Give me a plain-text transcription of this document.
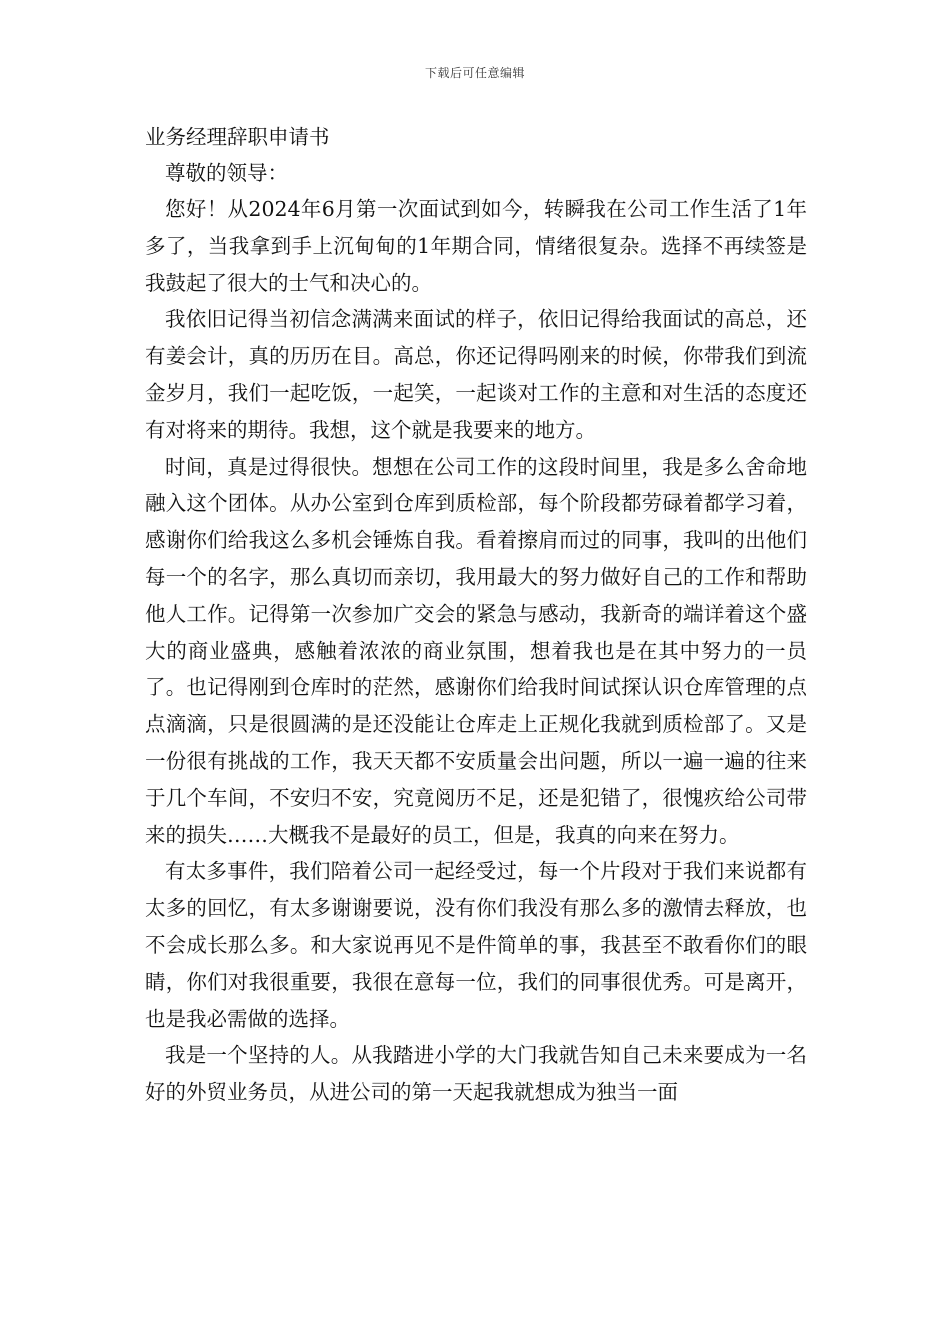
下载后可任意编辑
业务经理辞职申请书

尊敬的领导：

您好！从2024年6月第一次面试到如今，转瞬我在公司工作生活了1年多了，当我拿到手上沉甸甸的1年期合同，情绪很复杂。选择不再续签是我鼓起了很大的士气和决心的。

我依旧记得当初信念满满来面试的样子，依旧记得给我面试的高总，还有姜会计，真的历历在目。高总，你还记得吗刚来的时候，你带我们到流金岁月，我们一起吃饭，一起笑，一起谈对工作的主意和对生活的态度还有对将来的期待。我想，这个就是我要来的地方。

时间，真是过得很快。想想在公司工作的这段时间里，我是多么舍命地融入这个团体。从办公室到仓库到质检部，每个阶段都劳碌着都学习着，感谢你们给我这么多机会锤炼自我。看着擦肩而过的同事，我叫的出他们每一个的名字，那么真切而亲切，我用最大的努力做好自己的工作和帮助他人工作。记得第一次参加广交会的紧急与感动，我新奇的端详着这个盛大的商业盛典，感触着浓浓的商业氛围，想着我也是在其中努力的一员了。也记得刚到仓库时的茫然，感谢你们给我时间试探认识仓库管理的点点滴滴，只是很圆满的是还没能让仓库走上正规化我就到质检部了。又是一份很有挑战的工作，我天天都不安质量会出问题，所以一遍一遍的往来于几个车间，不安归不安，究竟阅历不足，还是犯错了，很愧疚给公司带来的损失……大概我不是最好的员工，但是，我真的向来在努力。

有太多事件，我们陪着公司一起经受过，每一个片段对于我们来说都有太多的回忆，有太多谢谢要说，没有你们我没有那么多的激情去释放，也不会成长那么多。和大家说再见不是件简单的事，我甚至不敢看你们的眼睛，你们对我很重要，我很在意每一位，我们的同事很优秀。可是离开，也是我必需做的选择。

我是一个坚持的人。从我踏进小学的大门我就告知自己未来要成为一名好的外贸业务员，从进公司的第一天起我就想成为独当一面
